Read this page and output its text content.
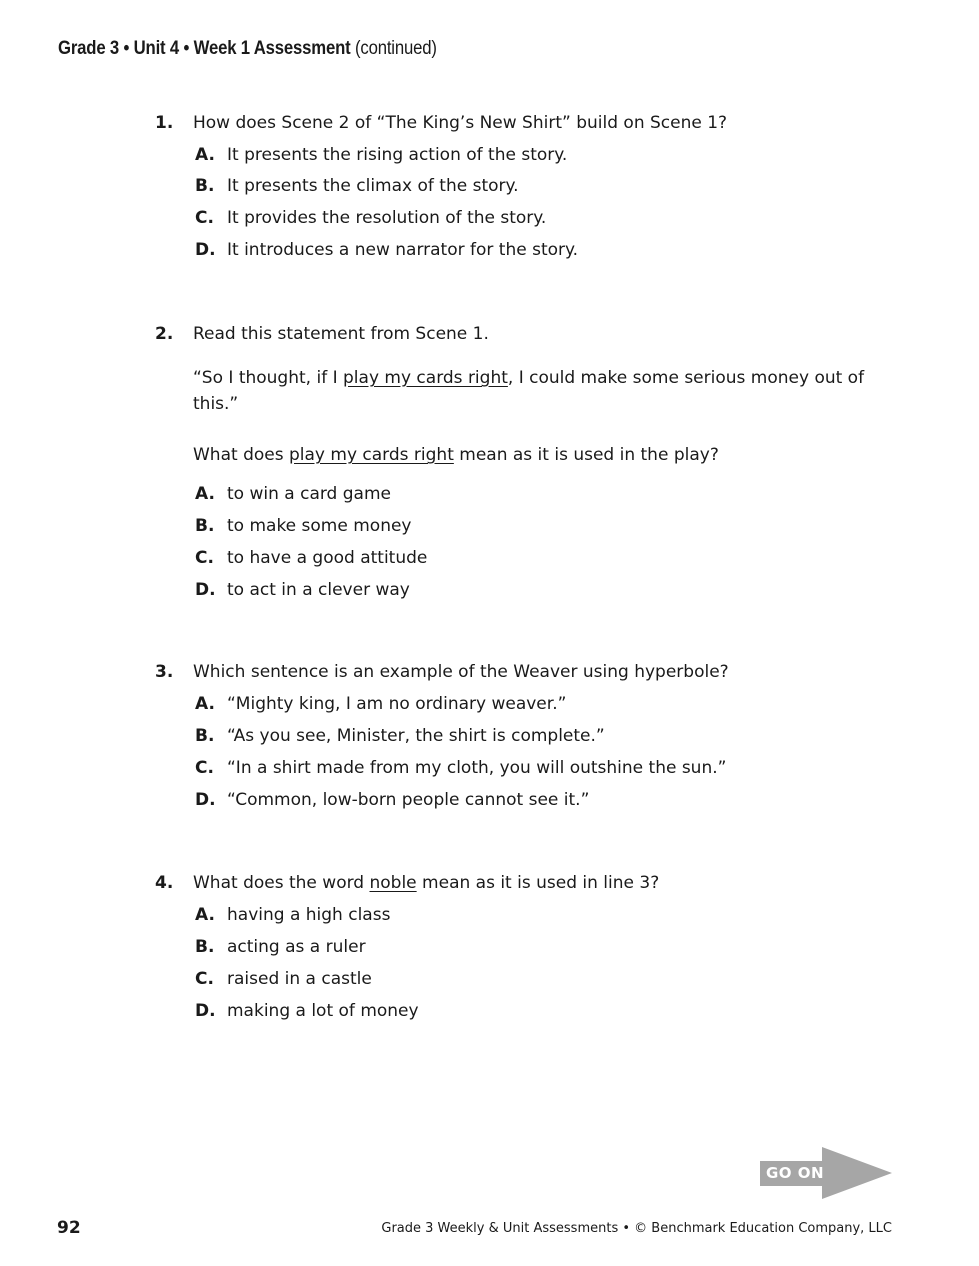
Grade 3 • Unit 4 • Week 1 Assessment (continued)
1. How does Scene 2 of “The King’s New Shirt” build on Scene 1?
A. It presents the rising action of the story.
B. It presents the climax of the story.
C. It provides the resolution of the story.
D. It introduces a new narrator for the story.
2. Read this statement from Scene 1.
“So I thought, if I play my cards right, I could make some serious money out of this.”
What does play my cards right mean as it is used in the play?
A. to win a card game
B. to make some money
C. to have a good attitude
D. to act in a clever way
3. Which sentence is an example of the Weaver using hyperbole?
A. “Mighty king, I am no ordinary weaver.”
B. “As you see, Minister, the shirt is complete.”
C. “In a shirt made from my cloth, you will outshine the sun.”
D. “Common, low-born people cannot see it.”
4. What does the word noble mean as it is used in line 3?
A. having a high class
B. acting as a ruler
C. raised in a castle
D. making a lot of money
GO ON
92	Grade 3 Weekly & Unit Assessments • © Benchmark Education Company, LLC
